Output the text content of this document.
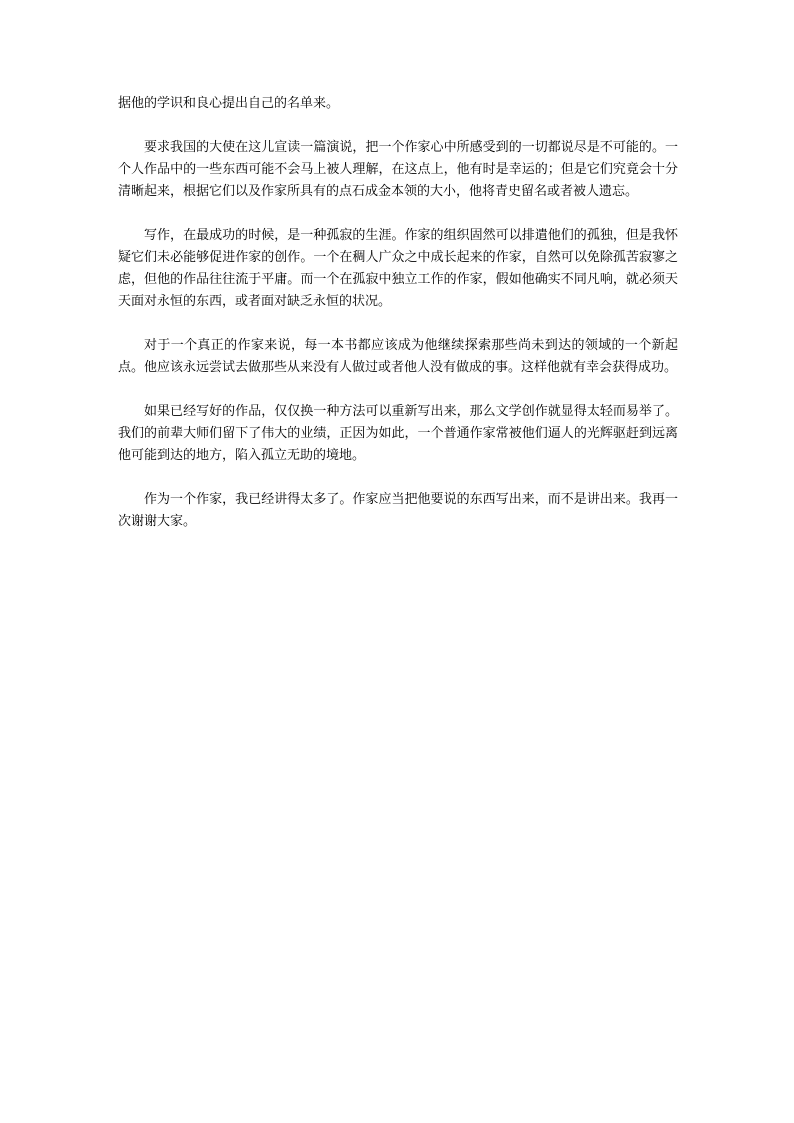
据他的学识和良心提出自己的名单来。

要求我国的大使在这儿宣读一篇演说，把一个作家心中所感受到的一切都说尽是不可能的。一个人作品中的一些东西可能不会马上被人理解，在这点上，他有时是幸运的；但是它们究竟会十分清晰起来，根据它们以及作家所具有的点石成金本领的大小，他将青史留名或者被人遗忘。

写作，在最成功的时候，是一种孤寂的生涯。作家的组织固然可以排遣他们的孤独，但是我怀疑它们未必能够促进作家的创作。一个在稠人广众之中成长起来的作家，自然可以免除孤苦寂寥之虑，但他的作品往往流于平庸。而一个在孤寂中独立工作的作家，假如他确实不同凡响，就必须天天面对永恒的东西，或者面对缺乏永恒的状况。

对于一个真正的作家来说，每一本书都应该成为他继续探索那些尚未到达的领域的一个新起点。他应该永远尝试去做那些从来没有人做过或者他人没有做成的事。这样他就有幸会获得成功。

如果已经写好的作品，仅仅换一种方法可以重新写出来，那么文学创作就显得太轻而易举了。我们的前辈大师们留下了伟大的业绩，正因为如此，一个普通作家常被他们逼人的光辉驱赶到远离他可能到达的地方，陷入孤立无助的境地。

作为一个作家，我已经讲得太多了。作家应当把他要说的东西写出来，而不是讲出来。我再一次谢谢大家。
